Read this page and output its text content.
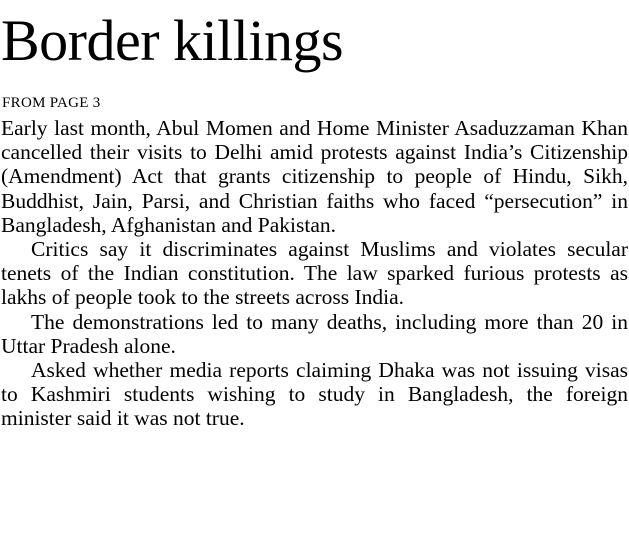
Border killings
FROM PAGE 3

Early last month, Abul Momen and Home Minister Asaduzzaman Khan cancelled their visits to Delhi amid protests against India’s Citizenship (Amendment) Act that grants citizenship to people of Hindu, Sikh, Buddhist, Jain, Parsi, and Christian faiths who faced “persecution” in Bangladesh, Afghanistan and Pakistan.

Critics say it discriminates against Muslims and violates secular tenets of the Indian constitution. The law sparked furious protests as lakhs of people took to the streets across India.

The demonstrations led to many deaths, including more than 20 in Uttar Pradesh alone.

Asked whether media reports claiming Dhaka was not issuing visas to Kashmiri students wishing to study in Bangladesh, the foreign minister said it was not true.
